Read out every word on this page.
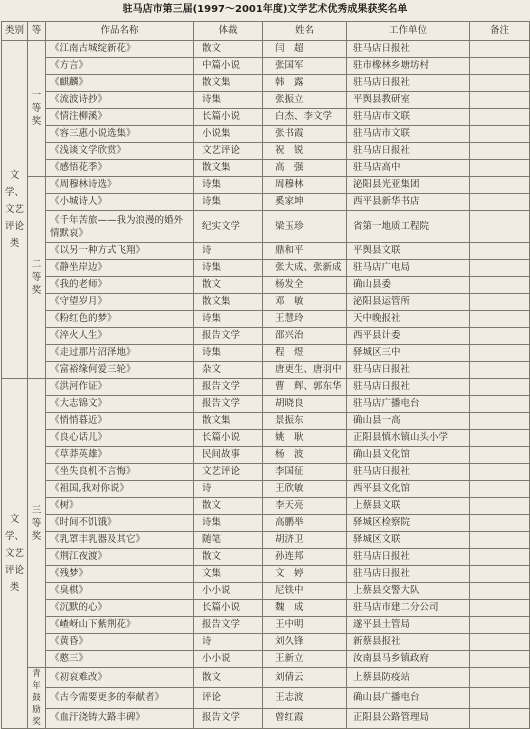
驻马店市第三届(1997～2001年度)文学艺术优秀成果获奖名单
类别	等	作品名称	体裁	姓名	工作单位	备注
文学、文艺评论类	一等奖	《江南古城绽新花》	散文	闫　超	驻马店日报社	
		《方言》	中篇小说	张国军	驻市橡林乡塘坊村	
		《麒麟》	散文集	韩　露	驻马店日报社	
		《流波诗抄》	诗集	张振立	平舆县教研室	
		《情注柳溪》	长篇小说	白杰、李文学	驻马店市文联	
		《容三惠小说选集》	小说集	张书霞	驻马店市文联	
		《浅谈文学欣赏》	文艺评论	祝　锐	驻马店日报社	
		《感悟花季》	散文集	高　强	驻马店高中	
	二等奖	《周穆林诗选》	诗集	周穆林	泌阳县光亚集团	
		《小城诗人》	诗集	奚家坤	西平县新华书店	
		《千年苦旅——我为浪漫的婚外情默哀》	纪实文学	梁玉珍	省第一地质工程院	
		《以另一种方式飞翔》	诗	鼎和平	平舆县文联	
		《静坐岸边》	诗集	张大成、张新成	驻马店广电局	
		《我的老师》	散文	杨发全	确山县委	
		《守望岁月》	散文集	邓　敏	泌阳县运管所	
		《粉红色的梦》	诗集	王慧玲	天中晚报社	
		《淬火人生》	报告文学	邵兴治	西平县计委	
		《走过那片沼泽地》	诗集	程　煜	驿城区三中	
		《富裕缘何爱三轮》	杂文	唐更生、唐羽中	驻马店日报社	
文学、文艺评论类	三等奖	《洪河作证》	报告文学	曹　辉、郭东华	驻马店日报社	
		《大志锦文》	报告文学	胡晓良	驻马店广播电台	
		《悄悄暮近》	散文集	景振东	确山县一高	
		《良心话儿》	长篇小说	姚　耿	正阳县慎水镇山头小学	
		《草莽英雄》	民间故事	杨　波	确山县文化馆	
		《坐失良机不言悔》	文艺评论	李国征	驻马店日报社	
		《祖国,我对你说》	诗	王欣敏	西平县文化馆	
		《树》	散文	李天亮	上蔡县文联	
		《时间不饥饿》	诗集	高鹏举	驿城区检察院	
		《乳罩丰乳器及其它》	随笔	胡济卫	驿城区文联	
		《荆江夜渡》	散文	孙连邦	驻马店日报社	
		《残梦》	文集	文　婷	驻马店日报社	
		《臭棋》	小小说	尼铁中	上蔡县交警大队	
		《沉默的心》	长篇小说	魏　成	驻马店市建二分公司	
		《嵖岈山下紫荆花》	报告文学	王中明	遂平县土管局	
		《黄昏》	诗	刘久锋	新蔡县报社	
		《憨三》	小小说	王新立	汝南县马乡镇政府	
	青年鼓励奖	《初哀难改》	散文	刘倩云	上蔡县防疫站	
		《古今需要更多的奉献者》	评论	王志波	确山县广播电台	
		《血汗浇铸大路丰碑》	报告文学	曾红霞	正阳县公路管理局	
